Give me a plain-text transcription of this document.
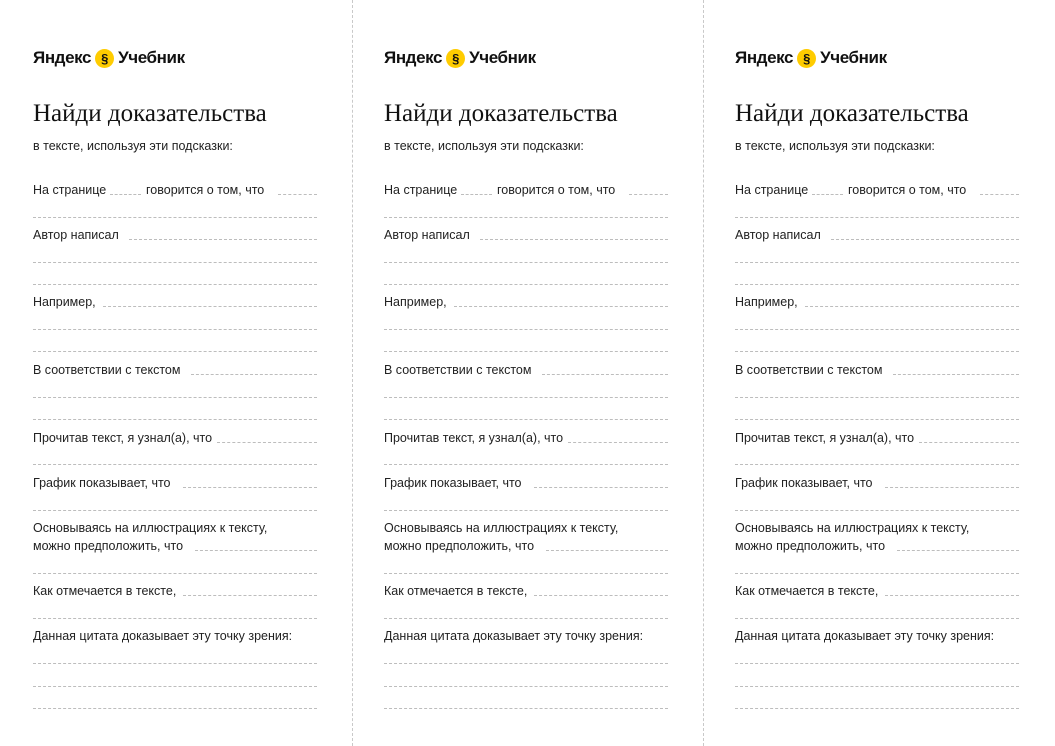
Яндекс § Учебник
Найди доказательства
в тексте, используя эти подсказки:
На странице	говорится о том, что
Автор написал
Например,
В соответствии с текстом
Прочитав текст, я узнал(а), что
График показывает, что
Основываясь на иллюстрациях к тексту,
можно предположить, что
Как отмечается в тексте,
Данная цитата доказывает эту точку зрения:
Яндекс § Учебник
Найди доказательства
в тексте, используя эти подсказки:
На странице	говорится о том, что
Автор написал
Например,
В соответствии с текстом
Прочитав текст, я узнал(а), что
График показывает, что
Основываясь на иллюстрациях к тексту,
можно предположить, что
Как отмечается в тексте,
Данная цитата доказывает эту точку зрения:
Яндекс § Учебник
Найди доказательства
в тексте, используя эти подсказки:
На странице	говорится о том, что
Автор написал
Например,
В соответствии с текстом
Прочитав текст, я узнал(а), что
График показывает, что
Основываясь на иллюстрациях к тексту,
можно предположить, что
Как отмечается в тексте,
Данная цитата доказывает эту точку зрения:
